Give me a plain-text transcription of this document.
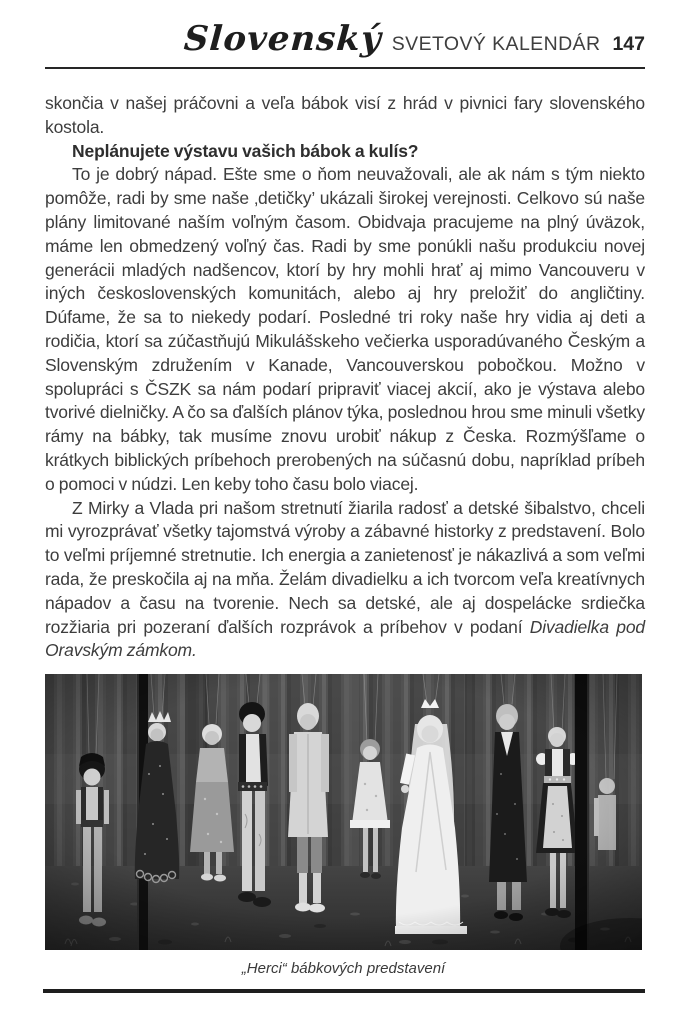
Slovenský SVETOVÝ KALENDÁR 147

skončia v našej práčovni a veľa bábok visí z hrád v pivnici fary slovenského kostola.

Neplánujete výstavu vašich bábok a kulís?

To je dobrý nápad. Ešte sme o ňom neuvažovali, ale ak nám s tým niekto pomôže, radi by sme naše ‚detičky’ ukázali širokej verejnosti. Celkovo sú naše plány limitované naším voľným časom. Obidvaja pracujeme na plný úväzok, máme len obmedzený voľný čas. Radi by sme ponúkli našu produkciu novej generácii mladých nadšencov, ktorí by hry mohli hrať aj mimo Vancouveru v iných československých komunitách, alebo aj hry preložiť do angličtiny. Dúfame, že sa to niekedy podarí. Posledné tri roky naše hry vidia aj deti a rodičia, ktorí sa zúčastňujú Mikulášskeho večierka usporadúvaného Českým a Slovenským združením v Kanade, Vancouverskou pobočkou. Možno v spolupráci s ČSZK sa nám podarí pripraviť viacej akcií, ako je výstava alebo tvorivé dielničky. A čo sa ďalších plánov týka, poslednou hrou sme minuli všetky rámy na bábky, tak musíme znovu urobiť nákup z Česka. Rozmýšľame o krátkych biblických príbehoch prerobených na súčasnú dobu, napríklad príbeh o pomoci v núdzi. Len keby toho času bolo viacej.

Z Mirky a Vlada pri našom stretnutí žiarila radosť a detské šibalstvo, chceli mi vyrozprávať všetky tajomstvá výroby a zábavné historky z predstavení. Bolo to veľmi príjemné stretnutie. Ich energia a zanietenosť je nákazlivá a som veľmi rada, že preskočila aj na mňa. Želám divadielku a ich tvorcom veľa kreatívnych nápadov a času na tvorenie. Nech sa detské, ale aj dospelácke srdiečka rozžiaria pri pozeraní ďalších rozprávok a príbehov v podaní Divadielka pod Oravským zámkom.

„Herci“ bábkových predstavení
